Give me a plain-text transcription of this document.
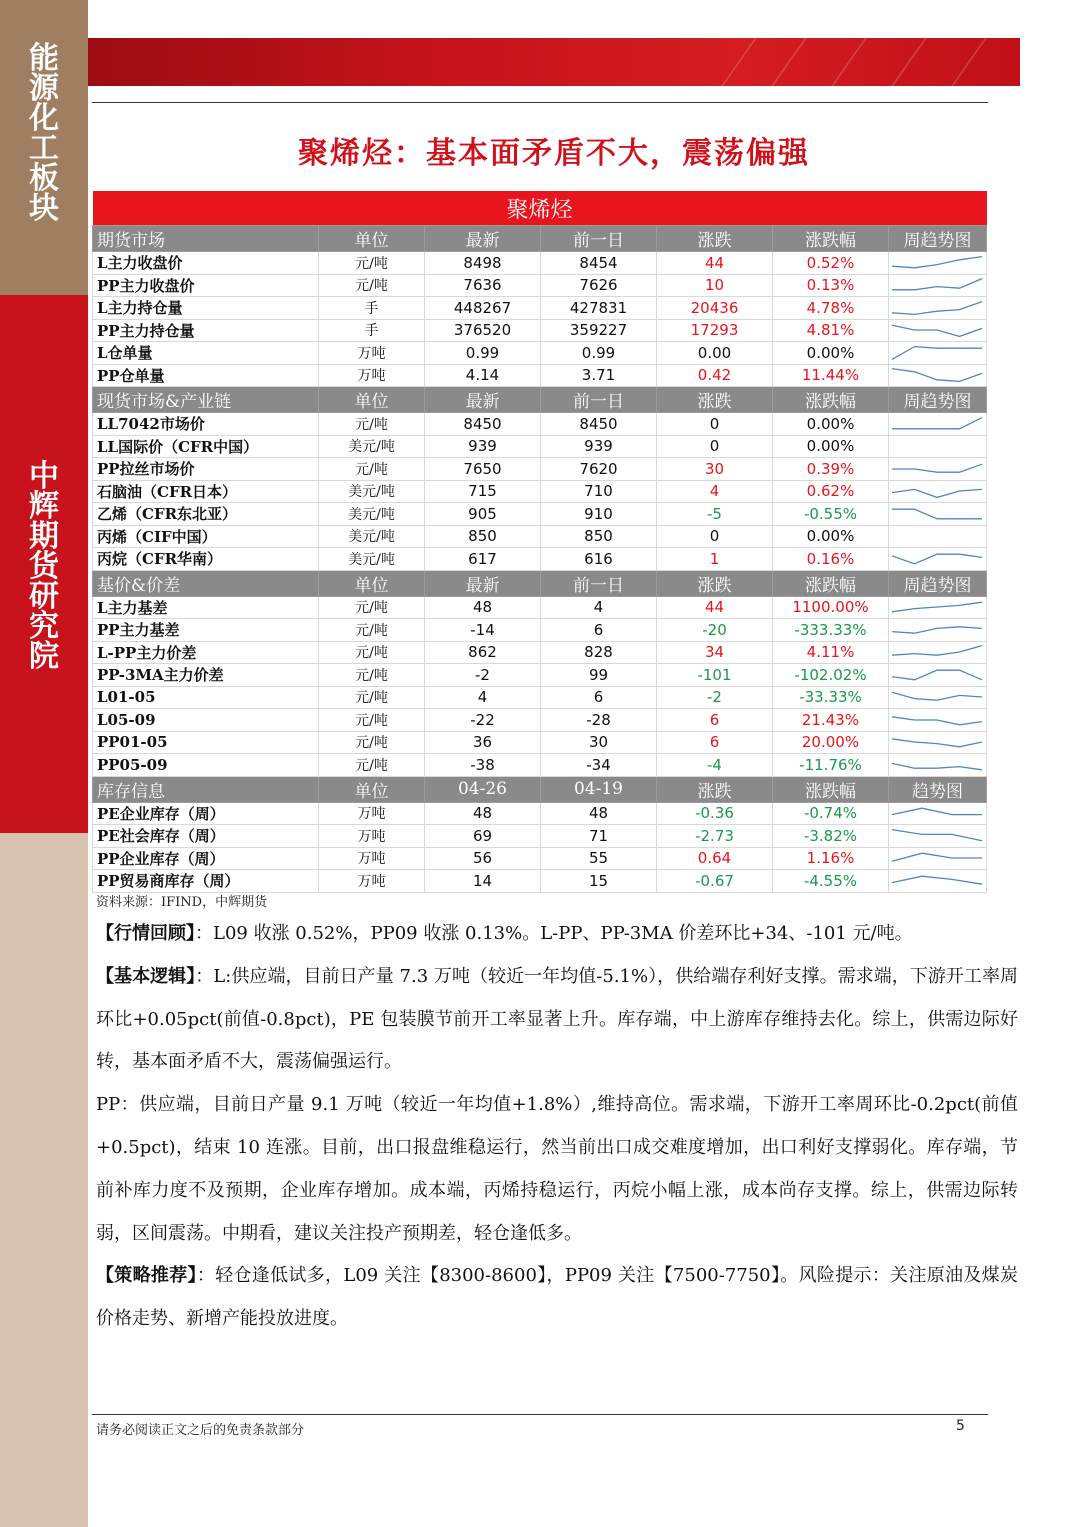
能
源
化
工
板
块
中
辉
期
货
研
究
院
聚烯烃：基本面矛盾不大，震荡偏强
聚烯烃						
期货市场	单位	最新	前一日	涨跌	涨跌幅	周趋势图
L主力收盘价	元/吨	8498	8454	44	0.52%	

PP主力收盘价	元/吨	7636	7626	10	0.13%	

L主力持仓量	手	448267	427831	20436	4.78%	

PP主力持仓量	手	376520	359227	17293	4.81%	

L仓单量	万吨	0.99	0.99	0.00	0.00%	

PP仓单量	万吨	4.14	3.71	0.42	11.44%	

现货市场&产业链	单位	最新	前一日	涨跌	涨跌幅	周趋势图
LL7042市场价	元/吨	8450	8450	0	0.00%	

LL国际价（CFR中国）	美元/吨	939	939	0	0.00%	
PP拉丝市场价	元/吨	7650	7620	30	0.39%	

石脑油（CFR日本）	美元/吨	715	710	4	0.62%	

乙烯（CFR东北亚）	美元/吨	905	910	-5	-0.55%	

丙烯（CIF中国）	美元/吨	850	850	0	0.00%	
丙烷（CFR华南）	美元/吨	617	616	1	0.16%	

基价&价差	单位	最新	前一日	涨跌	涨跌幅	周趋势图
L主力基差	元/吨	48	4	44	1100.00%	

PP主力基差	元/吨	-14	6	-20	-333.33%	

L-PP主力价差	元/吨	862	828	34	4.11%	

PP-3MA主力价差	元/吨	-2	99	-101	-102.02%	

L01-05	元/吨	4	6	-2	-33.33%	

L05-09	元/吨	-22	-28	6	21.43%	

PP01-05	元/吨	36	30	6	20.00%	

PP05-09	元/吨	-38	-34	-4	-11.76%	

库存信息	单位	04-26	04-19	涨跌	涨跌幅	趋势图
PE企业库存（周）	万吨	48	48	-0.36	-0.74%	

PE社会库存（周）	万吨	69	71	-2.73	-3.82%	

PP企业库存（周）	万吨	56	55	0.64	1.16%	

PP贸易商库存（周）	万吨	14	15	-0.67	-4.55%	
资料来源：IFIND，中辉期货

【行情回顾】：L09 收涨 0.52%，PP09 收涨 0.13%。L-PP、PP-3MA 价差环比+34、-101 元/吨。

【基本逻辑】：L:供应端，目前日产量 7.3 万吨（较近一年均值-5.1%），供给端存利好支撑。需求端，下游开工率周环比+0.05pct(前值-0.8pct)，PE 包装膜节前开工率显著上升。库存端，中上游库存维持去化。综上，供需边际好转，基本面矛盾不大，震荡偏强运行。

PP：供应端，目前日产量 9.1 万吨（较近一年均值+1.8%）,维持高位。需求端，下游开工率周环比-0.2pct(前值+0.5pct)，结束 10 连涨。目前，出口报盘维稳运行，然当前出口成交难度增加，出口利好支撑弱化。库存端，节前补库力度不及预期，企业库存增加。成本端，丙烯持稳运行，丙烷小幅上涨，成本尚存支撑。综上，供需边际转弱，区间震荡。中期看，建议关注投产预期差，轻仓逢低多。

【策略推荐】：轻仓逢低试多，L09 关注【8300-8600】，PP09 关注【7500-7750】。风险提示：关注原油及煤炭价格走势、新增产能投放进度。

请务必阅读正文之后的免责条款部分	5
